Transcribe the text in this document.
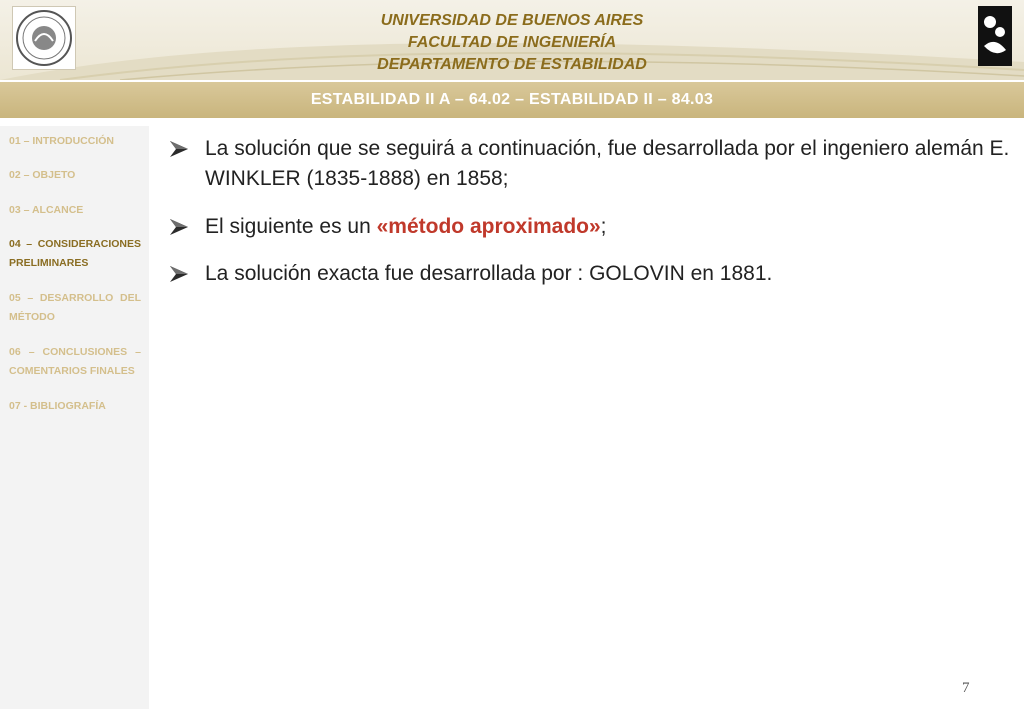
UNIVERSIDAD DE BUENOS AIRES
FACULTAD DE INGENIERÍA
DEPARTAMENTO DE ESTABILIDAD
ESTABILIDAD II A – 64.02 – ESTABILIDAD II – 84.03
01 – INTRODUCCIÓN
02 – OBJETO
03 – ALCANCE
04 – CONSIDERACIONES PRELIMINARES
05 – DESARROLLO DEL MÉTODO
06 – CONCLUSIONES – COMENTARIOS FINALES
07 - BIBLIOGRAFÍA
La solución que se seguirá a continuación, fue desarrollada por el ingeniero alemán E. WINKLER (1835-1888) en 1858;
El siguiente es un «método aproximado»;
La solución exacta fue desarrollada por : GOLOVIN en 1881.
7
